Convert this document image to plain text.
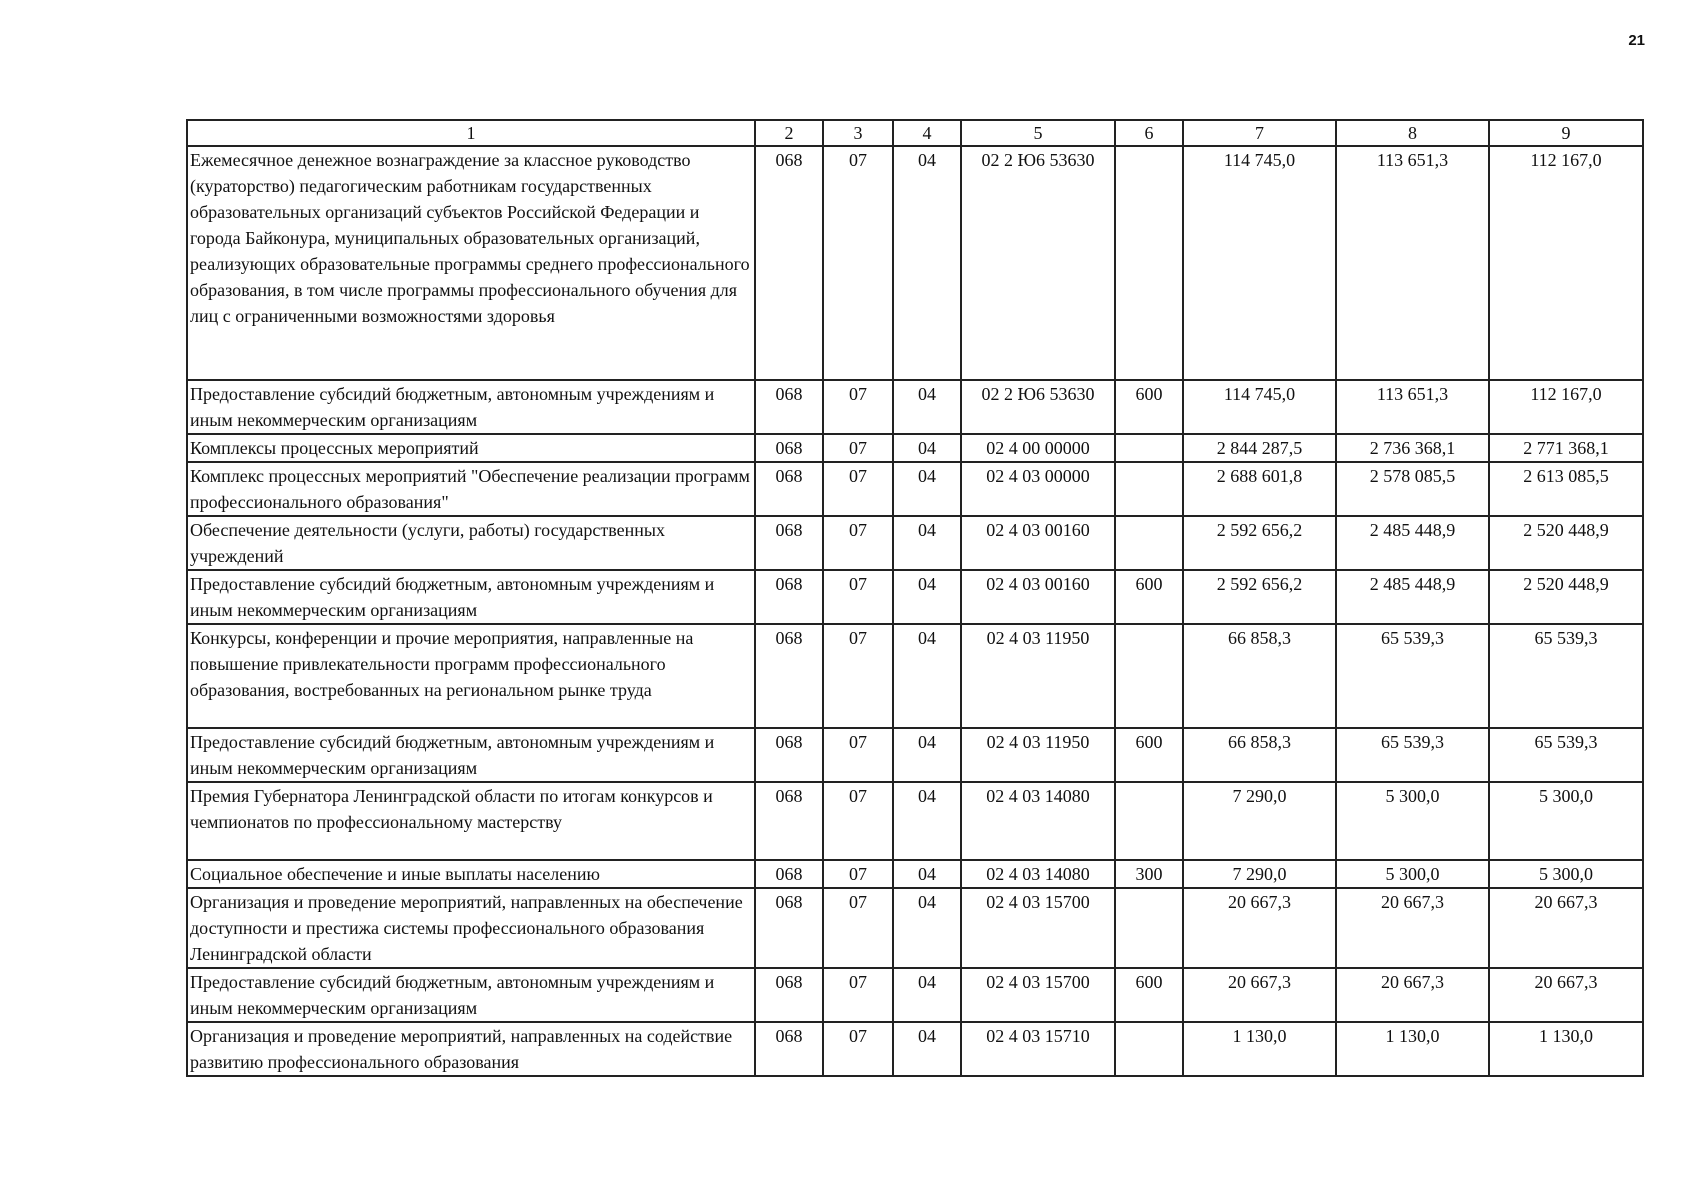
21
1	2	3	4	5	6	7	8	9
Ежемесячное денежное вознаграждение за классное руководство (кураторство) педагогическим работникам государственных образовательных организаций субъектов Российской Федерации и города Байконура, муниципальных образовательных организаций, реализующих образовательные программы среднего профессионального образования, в том числе программы профессионального обучения для лиц с ограниченными возможностями здоровья	068	07	04	02 2 Ю6 53630		114 745,0	113 651,3	112 167,0
Предоставление субсидий бюджетным, автономным учреждениям и иным некоммерческим организациям	068	07	04	02 2 Ю6 53630	600	114 745,0	113 651,3	112 167,0
Комплексы процессных мероприятий	068	07	04	02 4 00 00000		2 844 287,5	2 736 368,1	2 771 368,1
Комплекс процессных мероприятий "Обеспечение реализации программ профессионального образования"	068	07	04	02 4 03 00000		2 688 601,8	2 578 085,5	2 613 085,5
Обеспечение деятельности (услуги, работы) государственных учреждений	068	07	04	02 4 03 00160		2 592 656,2	2 485 448,9	2 520 448,9
Предоставление субсидий бюджетным, автономным учреждениям и иным некоммерческим организациям	068	07	04	02 4 03 00160	600	2 592 656,2	2 485 448,9	2 520 448,9
Конкурсы, конференции и прочие мероприятия, направленные на повышение привлекательности программ профессионального образования, востребованных на региональном рынке труда	068	07	04	02 4 03 11950		66 858,3	65 539,3	65 539,3
Предоставление субсидий бюджетным, автономным учреждениям и иным некоммерческим организациям	068	07	04	02 4 03 11950	600	66 858,3	65 539,3	65 539,3
Премия Губернатора Ленинградской области по итогам конкурсов и чемпионатов по профессиональному мастерству	068	07	04	02 4 03 14080		7 290,0	5 300,0	5 300,0
Социальное обеспечение и иные выплаты населению	068	07	04	02 4 03 14080	300	7 290,0	5 300,0	5 300,0
Организация и проведение мероприятий, направленных на обеспечение доступности и престижа системы профессионального образования Ленинградской области	068	07	04	02 4 03 15700		20 667,3	20 667,3	20 667,3
Предоставление субсидий бюджетным, автономным учреждениям и иным некоммерческим организациям	068	07	04	02 4 03 15700	600	20 667,3	20 667,3	20 667,3
Организация и проведение мероприятий, направленных на содействие развитию профессионального образования	068	07	04	02 4 03 15710		1 130,0	1 130,0	1 130,0
